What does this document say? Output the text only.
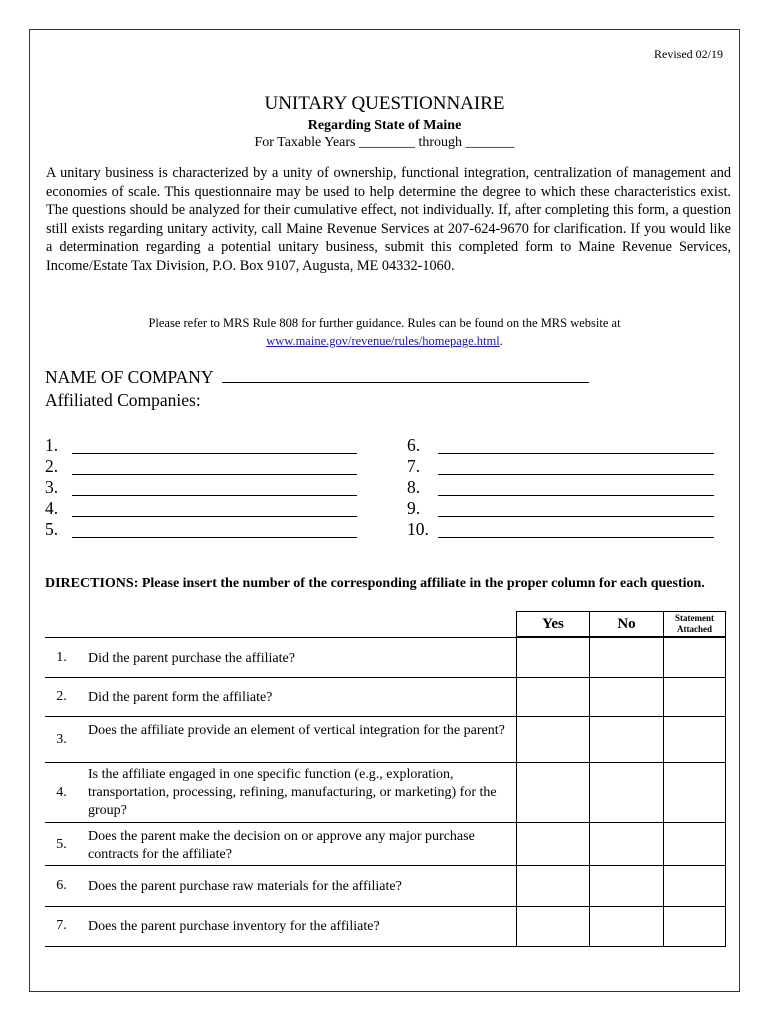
Revised 02/19
UNITARY QUESTIONNAIRE
Regarding State of Maine
For Taxable Years ________ through _______

A unitary business is characterized by a unity of ownership, functional integration, centralization of management and economies of scale. This questionnaire may be used to help determine the degree to which these characteristics exist. The questions should be analyzed for their cumulative effect, not individually. If, after completing this form, a question still exists regarding unitary activity, call Maine Revenue Services at 207-624-9670 for clarification. If you would like a determination regarding a potential unitary business, submit this completed form to Maine Revenue Services, Income/Estate Tax Division, P.O. Box 9107, Augusta, ME 04332-1060.

Please refer to MRS Rule 808 for further guidance. Rules can be found on the MRS website at
www.maine.gov/revenue/rules/homepage.html.
NAME OF COMPANY
Affiliated Companies:
1.
2.
3.
4.
5.
6.
7.
8.
9.
10.

DIRECTIONS: Please insert the number of the corresponding affiliate in the proper column for each question.

Yes	No	Statement
Attached
1.	Did the parent purchase the affiliate?
2.	Did the parent form the affiliate?
3.
Does the affiliate provide an element of vertical integration for the parent?
4.
Is the affiliate engaged in one specific function (e.g., exploration, transportation, processing, refining, manufacturing, or marketing) for the group?
5.
Does the parent make the decision on or approve any major purchase contracts for the affiliate?
6.	Does the parent purchase raw materials for the affiliate?
7.	Does the parent purchase inventory for the affiliate?
